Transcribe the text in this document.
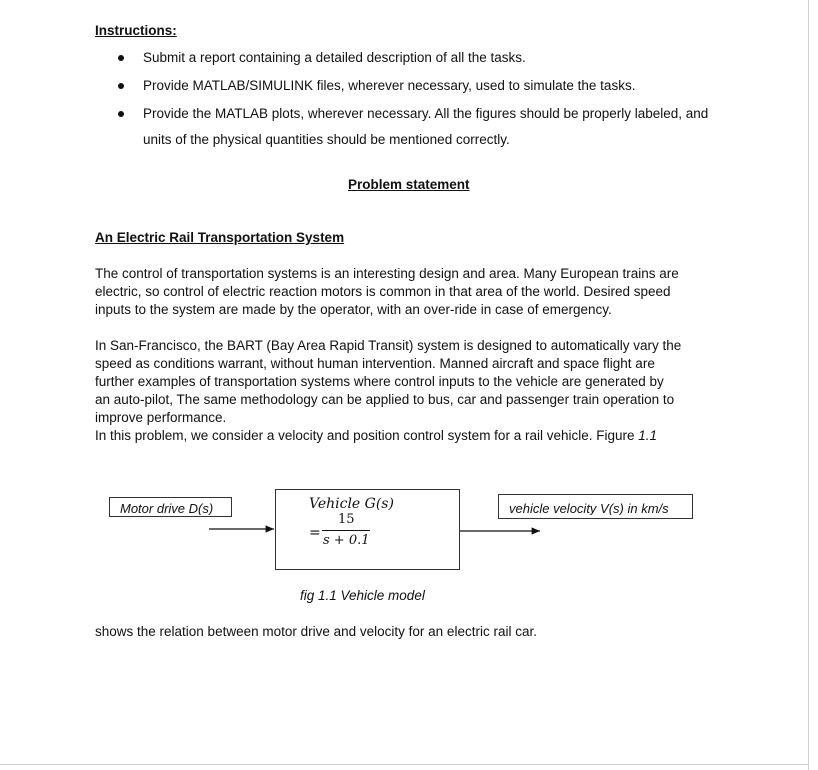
Instructions:
Submit a report containing a detailed description of all the tasks.
Provide MATLAB/SIMULINK files, wherever necessary, used to simulate the tasks.
Provide the MATLAB plots, wherever necessary. All the figures should be properly labeled, and
units of the physical quantities should be mentioned correctly.
Problem statement
An Electric Rail Transportation System
The control of transportation systems is an interesting design and area. Many European trains are
electric, so control of electric reaction motors is common in that area of the world. Desired speed
inputs to the system are made by the operator, with an over-ride in case of emergency.
In San-Francisco, the BART (Bay Area Rapid Transit) system is designed to automatically vary the
speed as conditions warrant, without human intervention. Manned aircraft and space flight are
further examples of transportation systems where control inputs to the vehicle are generated by
an auto-pilot, The same methodology can be applied to bus, car and passenger train operation to
improve performance.
In this problem, we consider a velocity and position control system for a rail vehicle. Figure 1.1
Motor drive D(s)	Vehicle G(s)
=
15
s + 0.1
vehicle velocity V(s) in km/s
fig 1.1 Vehicle model
shows the relation between motor drive and velocity for an electric rail car.
